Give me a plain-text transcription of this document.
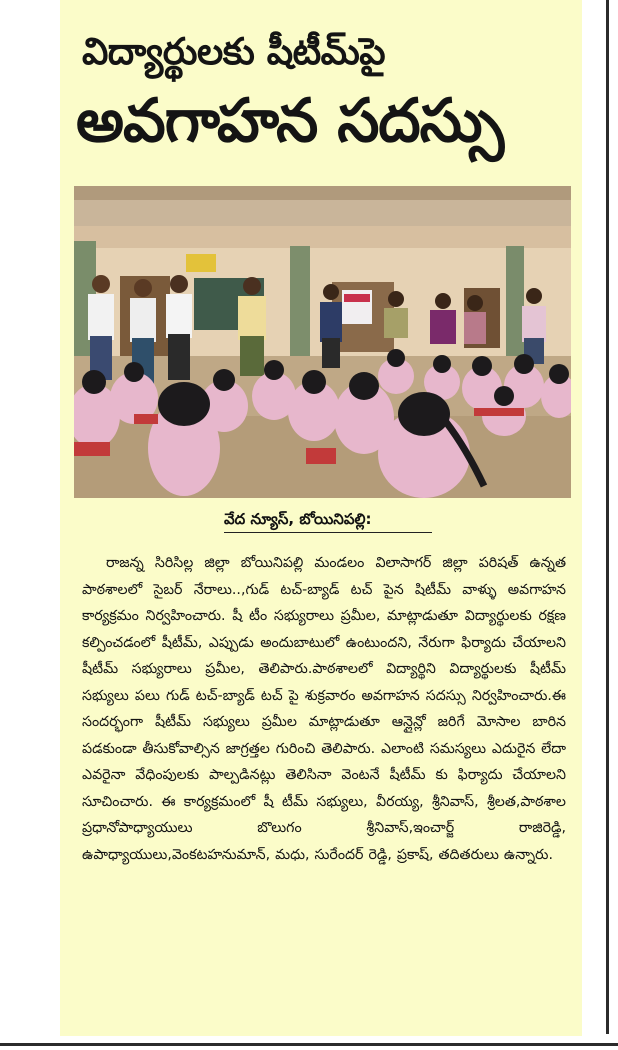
విద్యార్థులకు షీటీమ్‌పై
అవగాహన సదస్సు
వేద న్యూస్, బోయినిపల్లి:
రాజన్న సిరిసిల్ల జిల్లా బోయినిపల్లి మండలం విలాసాగర్ జిల్లా పరిషత్ ఉన్నత పాఠశాలలో సైబర్ నేరాలు..,గుడ్ టచ్-బ్యాడ్ టచ్ పైన షిటీమ్ వాళ్ళు అవగాహన కార్యక్రమం నిర్వహించారు. షీ టీం సభ్యురాలు ప్రమీల, మాట్లాడుతూ విద్యార్థులకు రక్షణ కల్పించడంలో షీటీమ్, ఎప్పుడు అందుబాటులో ఉంటుందని, నేరుగా ఫిర్యాదు చేయాలని షీటీమ్ సభ్యురాలు ప్రమీల, తెలిపారు.పాఠశాలలో విద్యార్థిని విద్యార్థులకు షీటీమ్ సభ్యులు పలు గుడ్ టచ్-బ్యాడ్ టచ్ పై శుక్రవారం అవగాహన సదస్సు నిర్వహించారు.ఈ సందర్భంగా షీటీమ్ సభ్యులు ప్రమీల మాట్లాడుతూ ఆన్లైన్లో జరిగే మోసాల బారిన పడకుండా తీసుకోవాల్సిన జాగ్రత్తల గురించి తెలిపారు. ఎలాంటి సమస్యలు ఎదురైన లేదా ఎవరైనా వేధింపులకు పాల్పడినట్లు తెలిసినా వెంటనే షీటీమ్ కు ఫిర్యాదు చేయాలని సూచించారు. ఈ కార్యక్రమంలో షీ టీమ్ సభ్యులు, వీరయ్య, శ్రీనివాస్, శ్రీలత,పాఠశాల ప్రధానోపాధ్యాయులు బొలుగం శ్రీనివాస్,ఇంచార్జ్ రాజిరెడ్డి, ఉపాధ్యాయులు,వెంకటహనుమాన్, మధు, సురేందర్ రెడ్డి, ప్రకాష్, తదితరులు ఉన్నారు.
